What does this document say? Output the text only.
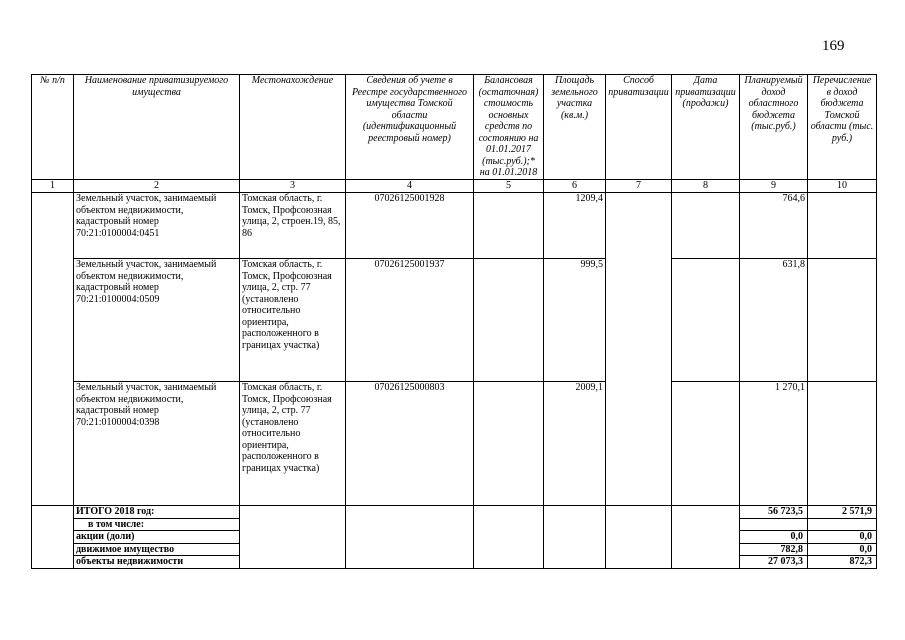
169
№ п/п	Наименование приватизируемого имущества	Местонахождение	Сведения об учете в Реестре государственного имущества Томской области (идентификационный реестровый номер)	Балансовая (остаточная) стоимость основных средств по состоянию на 01.01.2017 (тыс.руб.);* на 01.01.2018	Площадь земельного участка (кв.м.)	Способ приватизации	Дата приватизации (продажи)	Планируемый доход областного бюджета (тыс.руб.)	Перечисление в доход бюджета Томской области (тыс. руб.)
1	2	3	4	5	6	7	8	9	10
	Земельный участок, занимаемый объектом недвижимости, кадастровый номер 70:21:0100004:0451	Томская область, г. Томск, Профсоюзная улица, 2, строен.19, 85, 86	07026125001928		1209,4			764,6	
	Земельный участок, занимаемый объектом недвижимости, кадастровый номер 70:21:0100004:0509	Томская область, г. Томск, Профсоюзная улица, 2, стр. 77 (установлено относительно ориентира, расположенного в границах участка)	07026125001937		999,5			631,8	
	Земельный участок, занимаемый объектом недвижимости, кадастровый номер 70:21:0100004:0398	Томская область, г. Томск, Профсоюзная улица, 2, стр. 77 (установлено относительно ориентира, расположенного в границах участка)	07026125000803		2009,1			1 270,1	
	ИТОГО 2018 год:							56 723,5	2 571,9
	в том числе:								
	акции (доли)							0,0	0,0
	движимое имущество							782,8	0,0
	объекты недвижимости							27 073,3	872,3
